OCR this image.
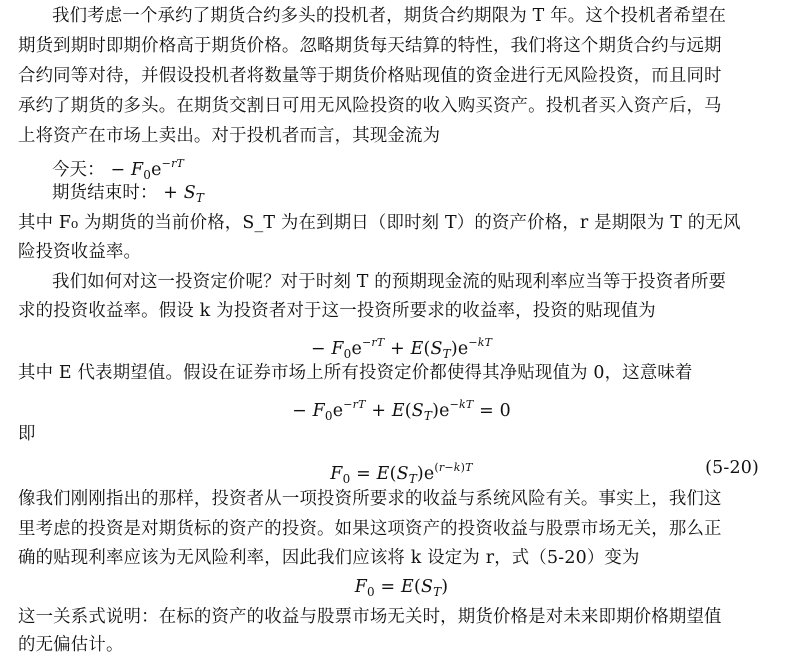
我们考虑一个承约了期货合约多头的投机者，期货合约期限为 T 年。这个投机者希望在
期货到期时即期价格高于期货价格。忽略期货每天结算的特性，我们将这个期货合约与远期
合约同等对待，并假设投机者将数量等于期货价格贴现值的资金进行无风险投资，而且同时
承约了期货的多头。在期货交割日可用无风险投资的收入购买资产。投机者买入资产后，马
上将资产在市场上卖出。对于投机者而言，其现金流为
今天： − $F_0e^{-rT}$
期货结束时： + $S_T$
其中 F₀ 为期货的当前价格，S_T 为在到期日（即时刻 T）的资产价格，r 是期限为 T 的无风
险投资收益率。
我们如何对这一投资定价呢？对于时刻 T 的预期现金流的贴现利率应当等于投资者所要
求的投资收益率。假设 k 为投资者对于这一投资所要求的收益率，投资的贴现值为
− $F_0e^{-rT} + E(S_T)e^{-kT}$
其中 E 代表期望值。假设在证券市场上所有投资定价都使得其净贴现值为 0，这意味着
− $F_0e^{-rT} + E(S_T)e^{-kT} = 0$
即
$F_0 = E(S_T)e^{(r-k)T}$	(5-20)
像我们刚刚指出的那样，投资者从一项投资所要求的收益与系统风险有关。事实上，我们这
里考虑的投资是对期货标的资产的投资。如果这项资产的投资收益与股票市场无关，那么正
确的贴现利率应该为无风险利率，因此我们应该将 k 设定为 r，式（5-20）变为
$F_0 = E(S_T)$
这一关系式说明：在标的资产的收益与股票市场无关时，期货价格是对未来即期价格期望值
的无偏估计。
